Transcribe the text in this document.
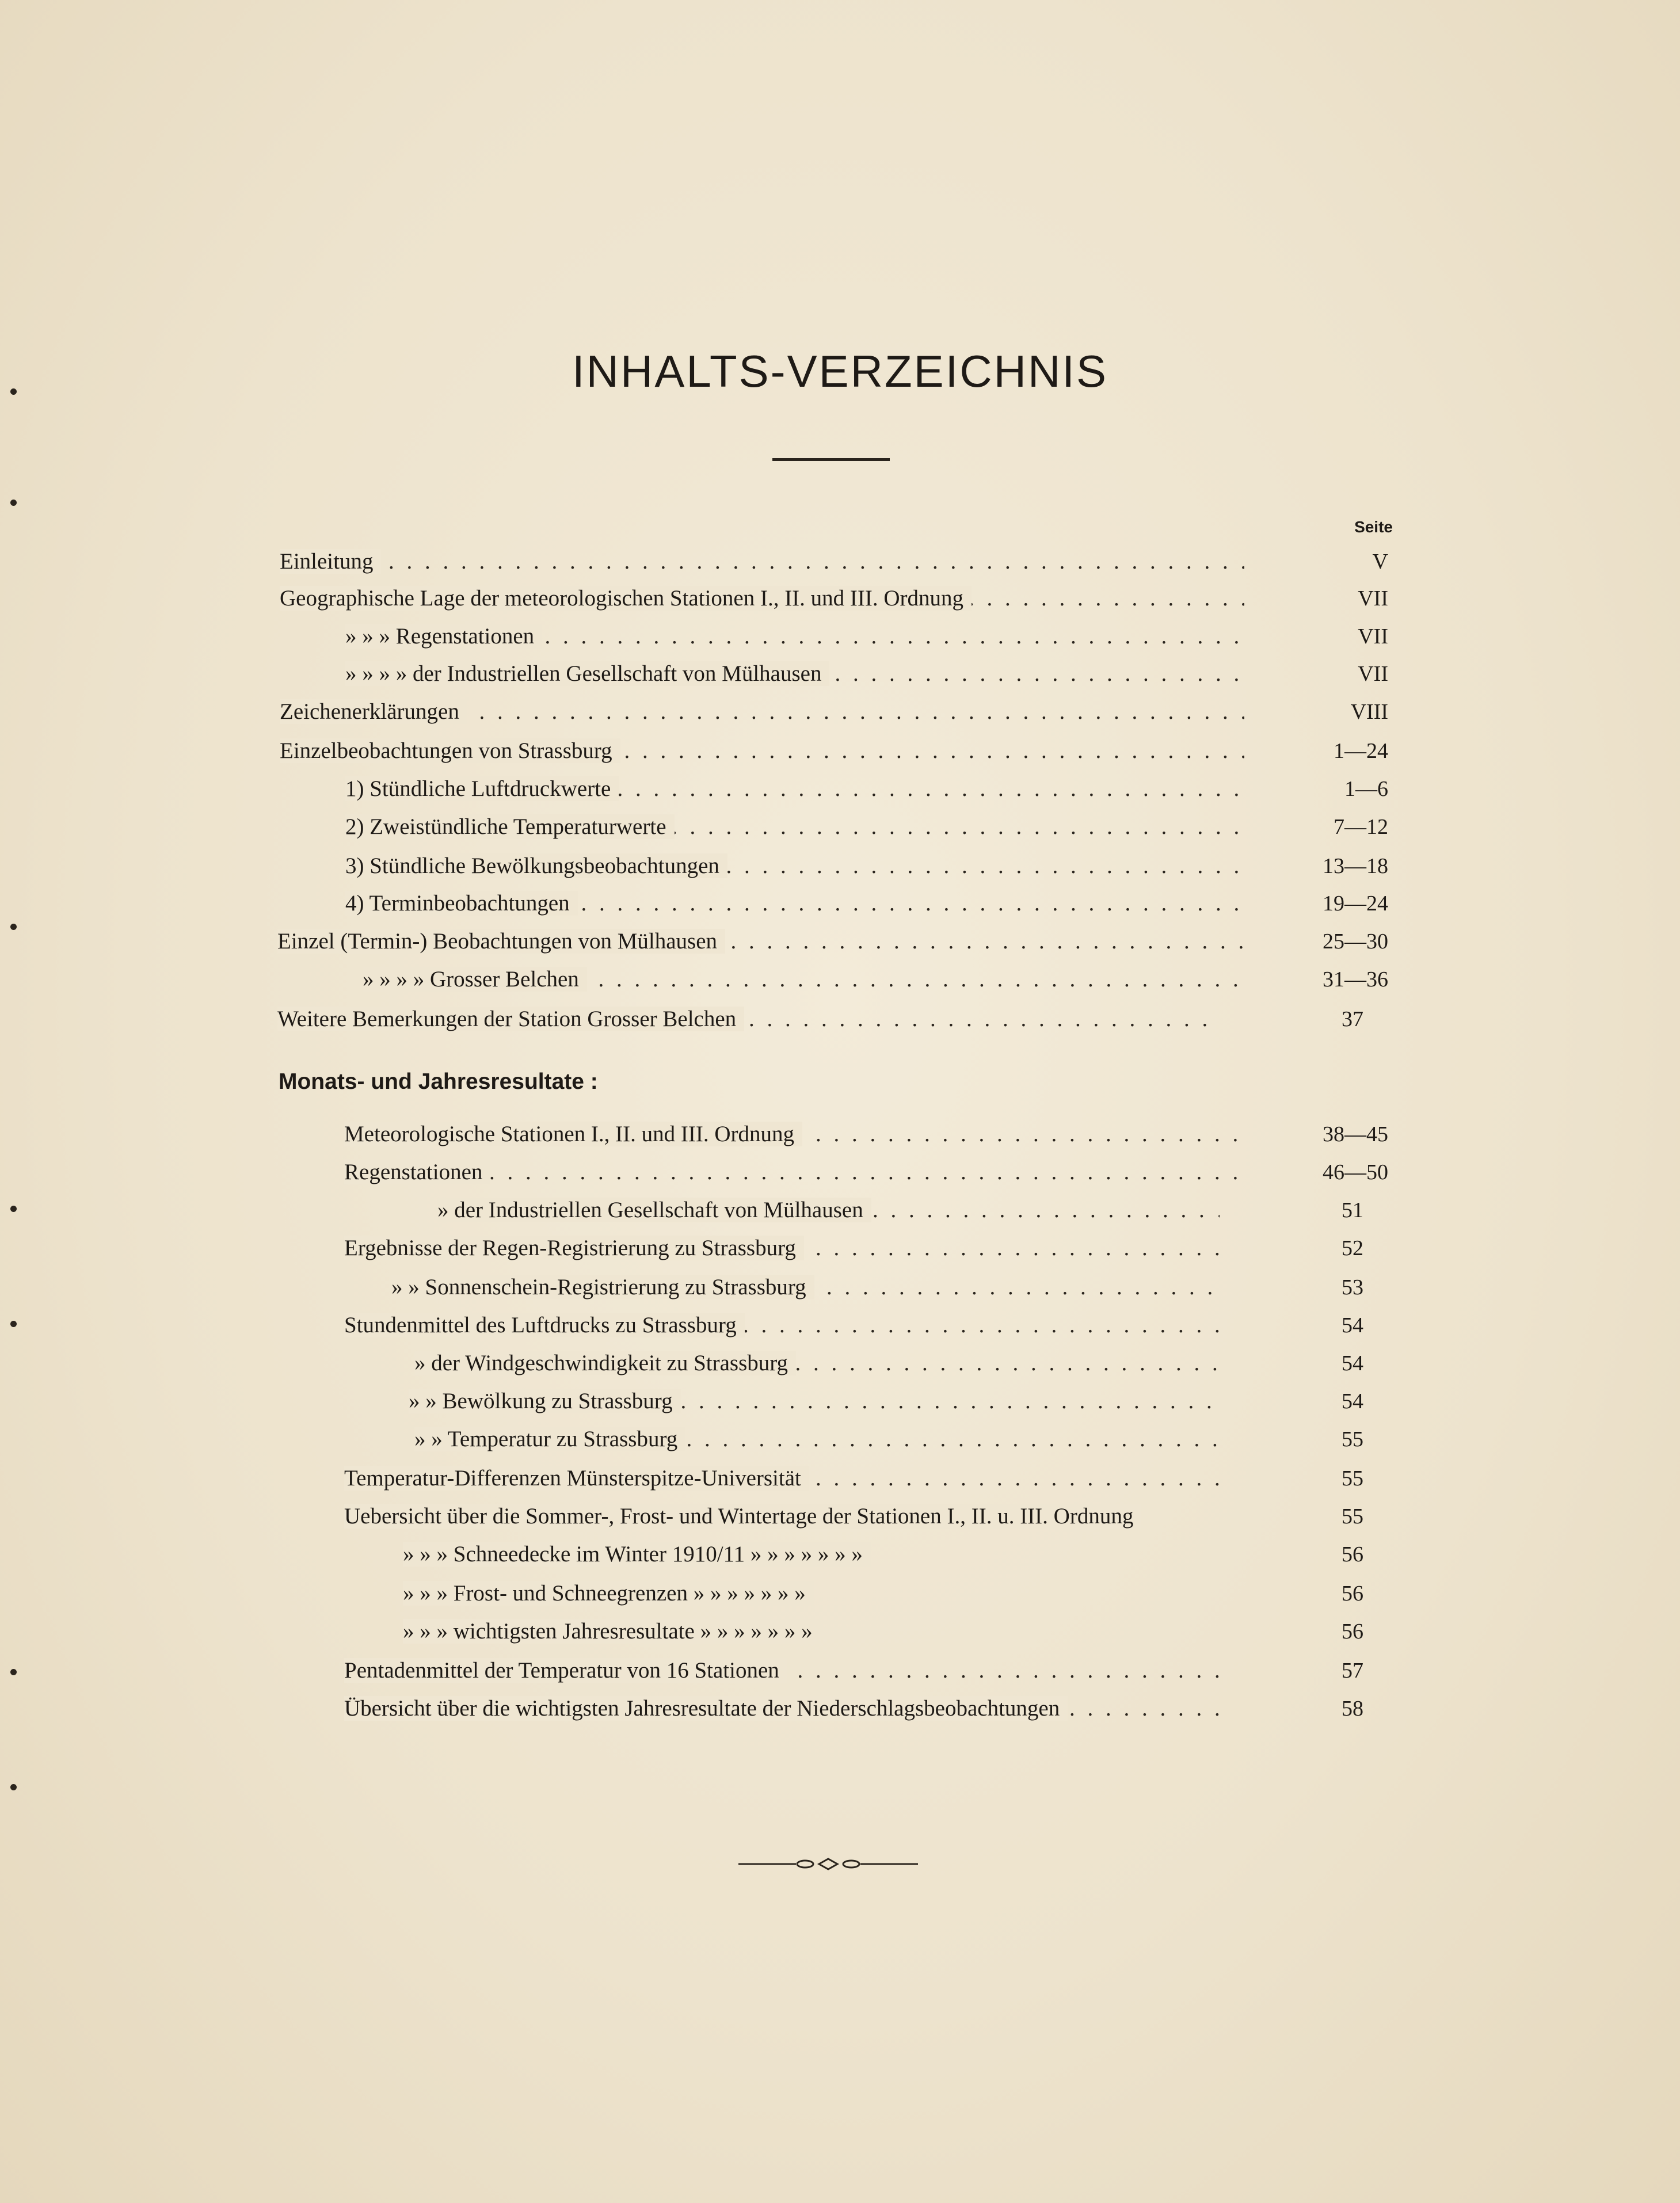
INHALTS-VERZEICHNIS
Seite
Einleitung . . .	V
Geographische Lage der meteorologischen Stationen I., II. und III. Ordnung . . .	VII
» » » Regenstationen . . .	VII
» » » » der Industriellen Gesellschaft von Mülhausen . . .	VII
Zeichenerklärungen . . .	VIII
Einzelbeobachtungen von Strassburg . . .	1—24
1) Stündliche Luftdruckwerte . . .	1—6
2) Zweistündliche Temperaturwerte . . .	7—12
3) Stündliche Bewölkungsbeobachtungen . . .	13—18
4) Terminbeobachtungen . . .	19—24
Einzel (Termin-) Beobachtungen von Mülhausen . . .	25—30
» » » » Grosser Belchen . . .	31—36
Weitere Bemerkungen der Station Grosser Belchen . . .	37
Monats- und Jahresresultate :
Meteorologische Stationen I., II. und III. Ordnung . . .	38—45
Regenstationen . . .	46—50
» der Industriellen Gesellschaft von Mülhausen . . .	51
Ergebnisse der Regen-Registrierung zu Strassburg . . .	52
» » Sonnenschein-Registrierung zu Strassburg . . .	53
Stundenmittel des Luftdrucks zu Strassburg . . .	54
» der Windgeschwindigkeit zu Strassburg . . .	54
» » Bewölkung zu Strassburg . . .	54
» » Temperatur zu Strassburg . . .	55
Temperatur-Differenzen Münsterspitze-Universität . . .	55
Uebersicht über die Sommer-, Frost- und Wintertage der Stationen I., II. u. III. Ordnung	55
» » » Schneedecke im Winter 1910/11 » » » » » » »	56
» » » Frost- und Schneegrenzen » » » » » » »	56
» » » wichtigsten Jahresresultate » » » » » » »	56
Pentadenmittel der Temperatur von 16 Stationen . . .	57
Übersicht über die wichtigsten Jahresresultate der Niederschlagsbeobachtungen . . .	58
